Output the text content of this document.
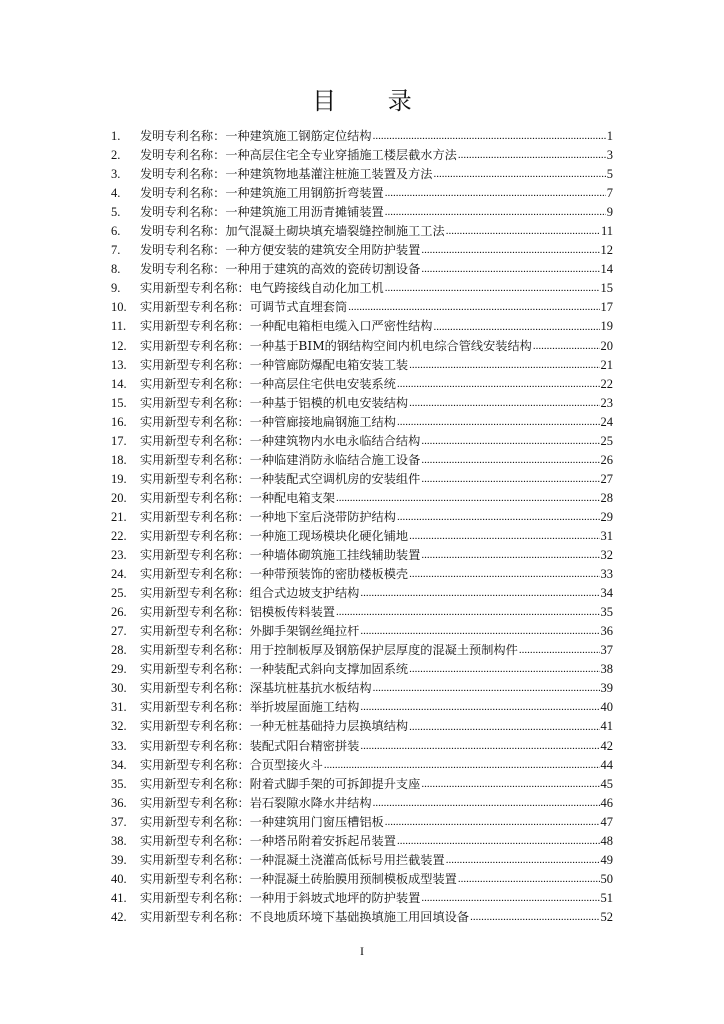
目 录
1.	发明专利名称： 一种建筑施工钢筋定位结构 .....	1
2.	发明专利名称： 一种高层住宅全专业穿插施工楼层截水方法 .....	3
3.	发明专利名称： 一种建筑物地基灌注桩施工装置及方法 .....	5
4.	发明专利名称： 一种建筑施工用钢筋折弯装置 .....	7
5.	发明专利名称： 一种建筑施工用沥青摊铺装置 .....	9
6.	发明专利名称： 加气混凝土砌块填充墙裂缝控制施工工法 .....	11
7.	发明专利名称： 一种方便安装的建筑安全用防护装置 .....	12
8.	发明专利名称： 一种用于建筑的高效的瓷砖切割设备 .....	14
9.	实用新型专利名称： 电气跨接线自动化加工机 .....	15
10.	实用新型专利名称： 可调节式直埋套筒 .....	17
11.	实用新型专利名称： 一种配电箱柜电缆入口严密性结构 .....	19
12.	实用新型专利名称： 一种基于BIM的钢结构空间内机电综合管线安装结构 .....	20
13.	实用新型专利名称： 一种管廊防爆配电箱安装工装 .....	21
14.	实用新型专利名称： 一种高层住宅供电安装系统 .....	22
15.	实用新型专利名称： 一种基于铝模的机电安装结构 .....	23
16.	实用新型专利名称： 一种管廊接地扁钢施工结构 .....	24
17.	实用新型专利名称： 一种建筑物内水电永临结合结构 .....	25
18.	实用新型专利名称： 一种临建消防永临结合施工设备 .....	26
19.	实用新型专利名称： 一种装配式空调机房的安装组件 .....	27
20.	实用新型专利名称： 一种配电箱支架 .....	28
21.	实用新型专利名称： 一种地下室后浇带防护结构 .....	29
22.	实用新型专利名称： 一种施工现场模块化硬化铺地 .....	31
23.	实用新型专利名称： 一种墙体砌筑施工挂线辅助装置 .....	32
24.	实用新型专利名称： 一种带预装饰的密肋楼板模壳 .....	33
25.	实用新型专利名称： 组合式边坡支护结构 .....	34
26.	实用新型专利名称： 铝模板传料装置 .....	35
27.	实用新型专利名称： 外脚手架钢丝绳拉杆 .....	36
28.	实用新型专利名称： 用于控制板厚及钢筋保护层厚度的混凝土预制构件 .....	37
29.	实用新型专利名称： 一种装配式斜向支撑加固系统 .....	38
30.	实用新型专利名称： 深基坑桩基抗水板结构 .....	39
31.	实用新型专利名称： 举折坡屋面施工结构 .....	40
32.	实用新型专利名称： 一种无桩基础持力层换填结构 .....	41
33.	实用新型专利名称： 装配式阳台精密拼装 .....	42
34.	实用新型专利名称： 合页型接火斗 .....	44
35.	实用新型专利名称： 附着式脚手架的可拆卸提升支座 .....	45
36.	实用新型专利名称： 岩石裂隙水降水井结构 .....	46
37.	实用新型专利名称： 一种建筑用门窗压槽铝板 .....	47
38.	实用新型专利名称： 一种塔吊附着安拆起吊装置 .....	48
39.	实用新型专利名称： 一种混凝土浇灌高低标号用拦截装置 .....	49
40.	实用新型专利名称： 一种混凝土砖胎膜用预制模板成型装置 .....	50
41.	实用新型专利名称： 一种用于斜坡式地坪的防护装置 .....	51
42.	实用新型专利名称： 不良地质环境下基础换填施工用回填设备 .....	52
I
